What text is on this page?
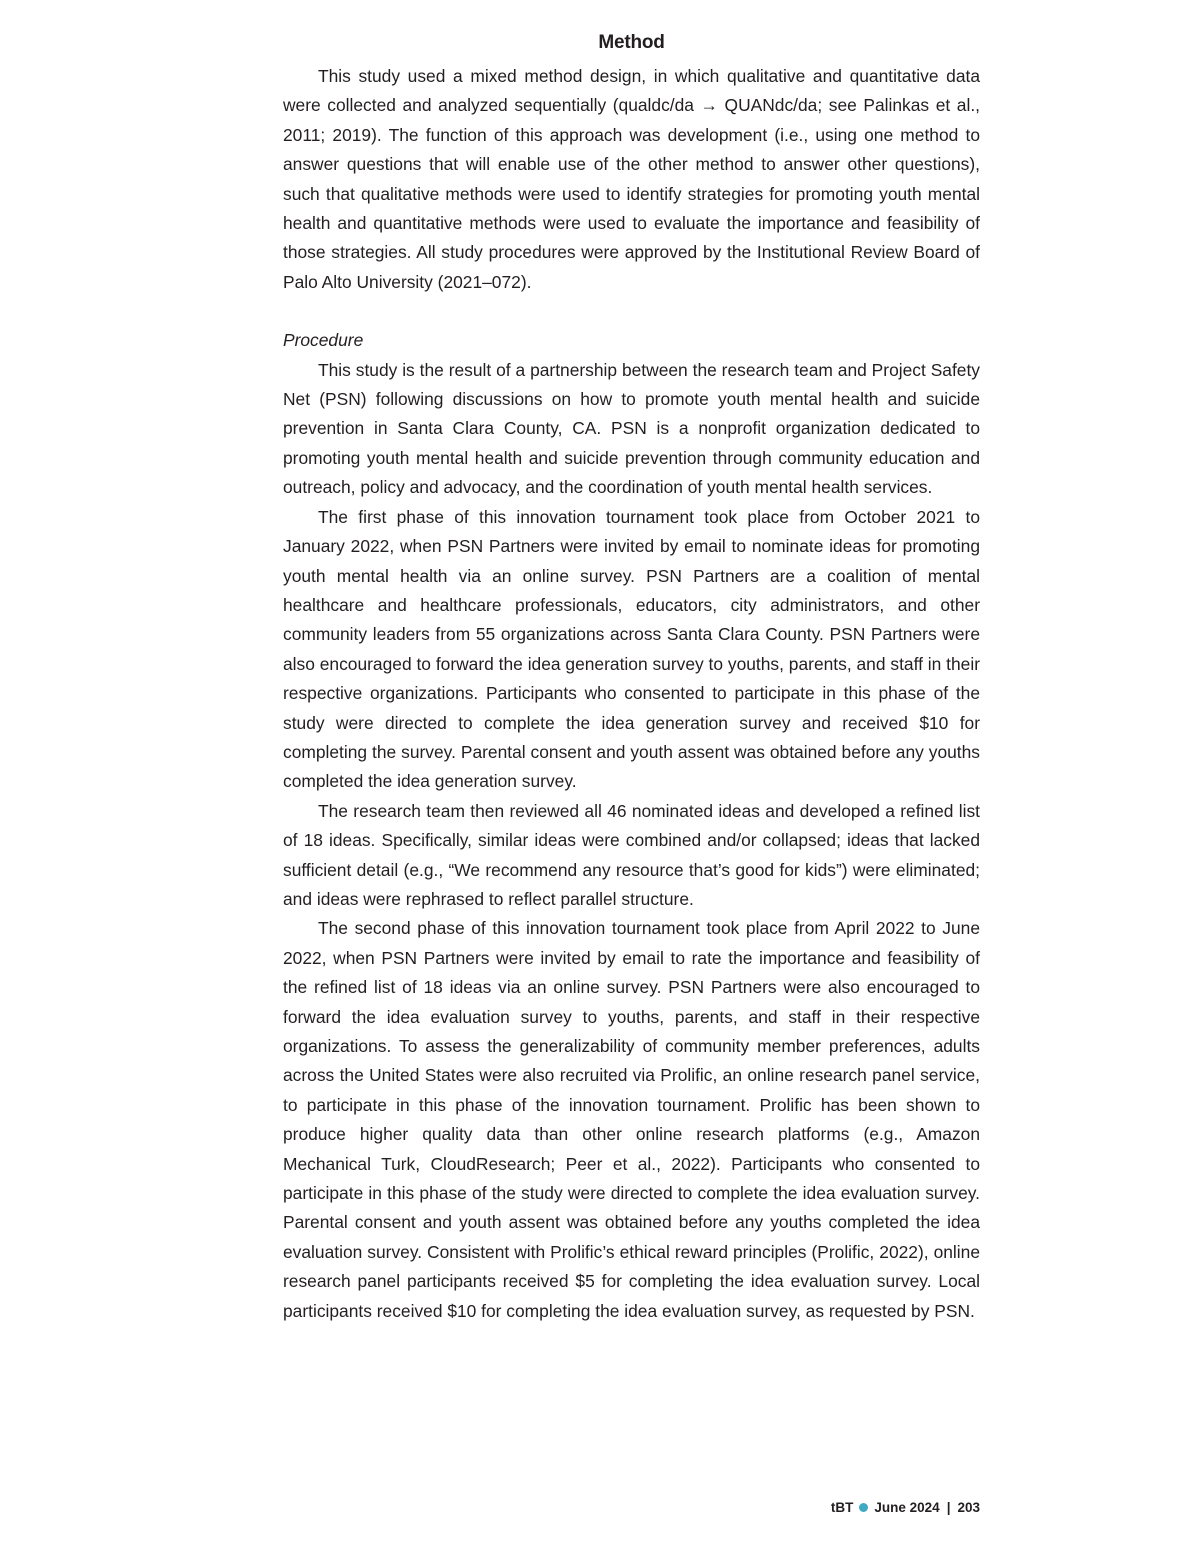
Method

This study used a mixed method design, in which qualitative and quantitative data were collected and analyzed sequentially (qualdc/da → QUANdc/da; see Palinkas et al., 2011; 2019). The function of this approach was development (i.e., using one method to answer questions that will enable use of the other method to answer other questions), such that qualitative methods were used to identify strategies for promoting youth mental health and quantitative methods were used to evaluate the importance and feasibility of those strategies. All study procedures were approved by the Institutional Review Board of Palo Alto University (2021–072).

Procedure

This study is the result of a partnership between the research team and Project Safety Net (PSN) following discussions on how to promote youth mental health and suicide prevention in Santa Clara County, CA. PSN is a nonprofit organization dedicated to promoting youth mental health and suicide prevention through community education and outreach, policy and advocacy, and the coordination of youth mental health services.

The first phase of this innovation tournament took place from October 2021 to January 2022, when PSN Partners were invited by email to nominate ideas for promoting youth mental health via an online survey. PSN Partners are a coalition of mental healthcare and healthcare professionals, educators, city administrators, and other community leaders from 55 organizations across Santa Clara County. PSN Partners were also encouraged to forward the idea generation survey to youths, parents, and staff in their respective organizations. Participants who consented to participate in this phase of the study were directed to complete the idea generation survey and received $10 for completing the survey. Parental consent and youth assent was obtained before any youths completed the idea generation survey.

The research team then reviewed all 46 nominated ideas and developed a refined list of 18 ideas. Specifically, similar ideas were combined and/or collapsed; ideas that lacked sufficient detail (e.g., “We recommend any resource that’s good for kids”) were eliminated; and ideas were rephrased to reflect parallel structure.

The second phase of this innovation tournament took place from April 2022 to June 2022, when PSN Partners were invited by email to rate the importance and feasibility of the refined list of 18 ideas via an online survey. PSN Partners were also encouraged to forward the idea evaluation survey to youths, parents, and staff in their respective organizations. To assess the generalizability of community member preferences, adults across the United States were also recruited via Prolific, an online research panel service, to participate in this phase of the innovation tournament. Prolific has been shown to produce higher quality data than other online research platforms (e.g., Amazon Mechanical Turk, CloudResearch; Peer et al., 2022). Participants who consented to participate in this phase of the study were directed to complete the idea evaluation survey. Parental consent and youth assent was obtained before any youths completed the idea evaluation survey. Consistent with Prolific’s ethical reward principles (Prolific, 2022), online research panel participants received $5 for completing the idea evaluation survey. Local participants received $10 for completing the idea evaluation survey, as requested by PSN.

tBT June 2024 | 203
